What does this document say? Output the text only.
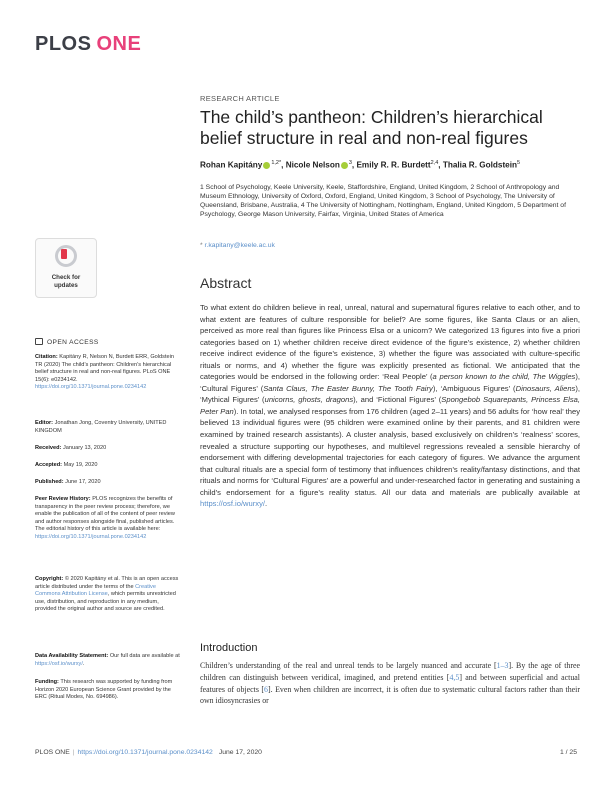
PLOS ONE
RESEARCH ARTICLE
The child’s pantheon: Children’s hierarchical belief structure in real and non-real figures
Rohan Kapitány $^{1,2*}$, Nicole Nelson $^3$, Emily R. R. Burdett$^{2,4}$, Thalia R. Goldstein$^5$
1 School of Psychology, Keele University, Keele, Staffordshire, England, United Kingdom, 2 School of Anthropology and Museum Ethnology, University of Oxford, Oxford, England, United Kingdom, 3 School of Psychology, The University of Queensland, Brisbane, Australia, 4 The University of Nottingham, Nottingham, England, United Kingdom, 5 Department of Psychology, George Mason University, Fairfax, Virginia, United States of America
* r.kapitany@keele.ac.uk
Abstract

To what extent do children believe in real, unreal, natural and supernatural figures relative to each other, and to what extent are features of culture responsible for belief? Are some figures, like Santa Claus or an alien, perceived as more real than figures like Princess Elsa or a unicorn? We categorized 13 figures into five a priori categories based on 1) whether children receive direct evidence of the figure’s existence, 2) whether children receive indirect evidence of the figure’s existence, 3) whether the figure was associated with culture-specific rituals or norms, and 4) whether the figure was explicitly presented as fictional. We anticipated that the categories would be endorsed in the following order: ‘Real People’ (a person known to the child, The Wiggles), ‘Cultural Figures’ (Santa Claus, The Easter Bunny, The Tooth Fairy), ‘Ambiguous Figures’ (Dinosaurs, Aliens), ‘Mythical Figures’ (unicorns, ghosts, dragons), and ‘Fictional Figures’ (Spongebob Squarepants, Princess Elsa, Peter Pan). In total, we analysed responses from 176 children (aged 2–11 years) and 56 adults for ‘how real’ they believed 13 individual figures were (95 children were examined online by their parents, and 81 children were examined by trained research assistants). A cluster analysis, based exclusively on children’s ‘realness’ scores, revealed a structure supporting our hypotheses, and multilevel regressions revealed a sensible hierarchy of endorsement with differing developmental trajectories for each category of figures. We advance the argument that cultural rituals are a special form of testimony that influences children’s reality/fantasy distinctions, and that rituals and norms for ‘Cultural Figures’ are a powerful and under-researched factor in generating and sustaining a child’s endorsement for a figure’s reality status. All our data and materials are publically available at https://osf.io/wurxy/.

Introduction

Children’s understanding of the real and unreal tends to be largely nuanced and accurate [1–3]. By the age of three children can distinguish between veridical, imagined, and pretend entities [4,5] and between superficial and actual features of objects [6]. Even when children are incorrect, it is often due to systematic cultural factors rather than their own idiosyncrasies or

Check for
updates
OPEN ACCESS

Citation: Kapitány R, Nelson N, Burdett ERR, Goldstein TR (2020) The child’s pantheon: Children’s hierarchical belief structure in real and non-real figures. PLoS ONE 15(6): e0234142. https://doi.org/10.1371/journal.pone.0234142

Editor: Jonathan Jong, Coventry University, UNITED KINGDOM

Received: January 13, 2020

Accepted: May 19, 2020

Published: June 17, 2020

Peer Review History: PLOS recognizes the benefits of transparency in the peer review process; therefore, we enable the publication of all of the content of peer review and author responses alongside final, published articles. The editorial history of this article is available here: https://doi.org/10.1371/journal.pone.0234142

Copyright: © 2020 Kapitány et al. This is an open access article distributed under the terms of the Creative Commons Attribution License, which permits unrestricted use, distribution, and reproduction in any medium, provided the original author and source are credited.

Data Availability Statement: Our full data are available at https://osf.io/wurxy/.

Funding: This research was supported by funding from Horizon 2020 European Science Grant provided by the ERC (Ritual Modes, No. 694986).

PLOS ONE | https://doi.org/10.1371/journal.pone.0234142 June 17, 2020	1 / 25
